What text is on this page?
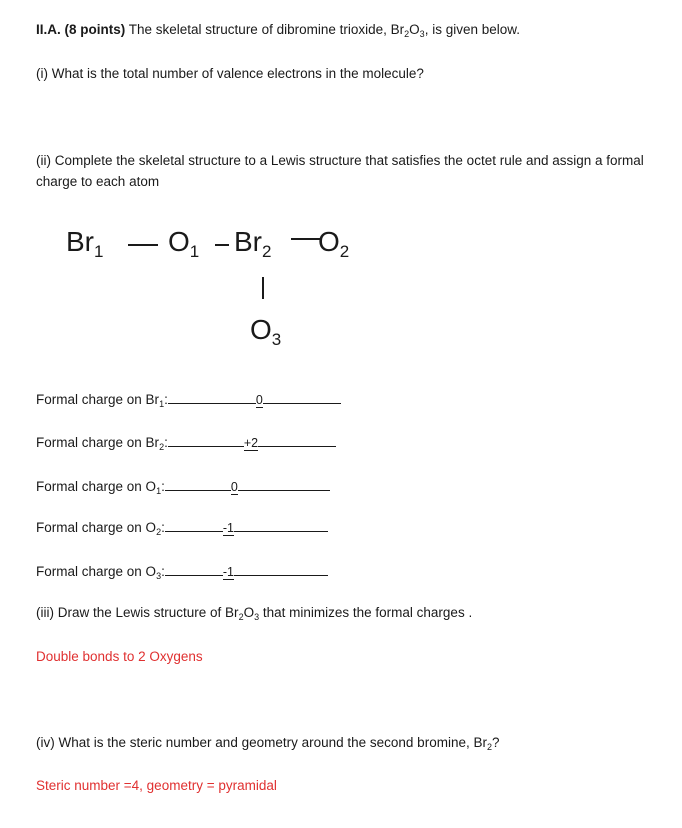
II.A. (8 points) The skeletal structure of dibromine trioxide, $Br_2O_3$, is given below.
(i) What is the total number of valence electrons in the molecule?
(ii) Complete the skeletal structure to a Lewis structure that satisfies the octet rule and assign a formal charge to each atom
$Br_1$ $O_1$ $Br_2$ $O_2$
$O_3$
Formal charge on $Br_1$:	0
Formal charge on $Br_2$:	+2
Formal charge on $O_1$:	0
Formal charge on $O_2$:	-1
Formal charge on $O_3$:	-1
(iii) Draw the Lewis structure of $Br_2O_3$ that minimizes the formal charges .
Double bonds to 2 Oxygens
(iv) What is the steric number and geometry around the second bromine, $Br_2$?
Steric number =4, geometry = pyramidal
